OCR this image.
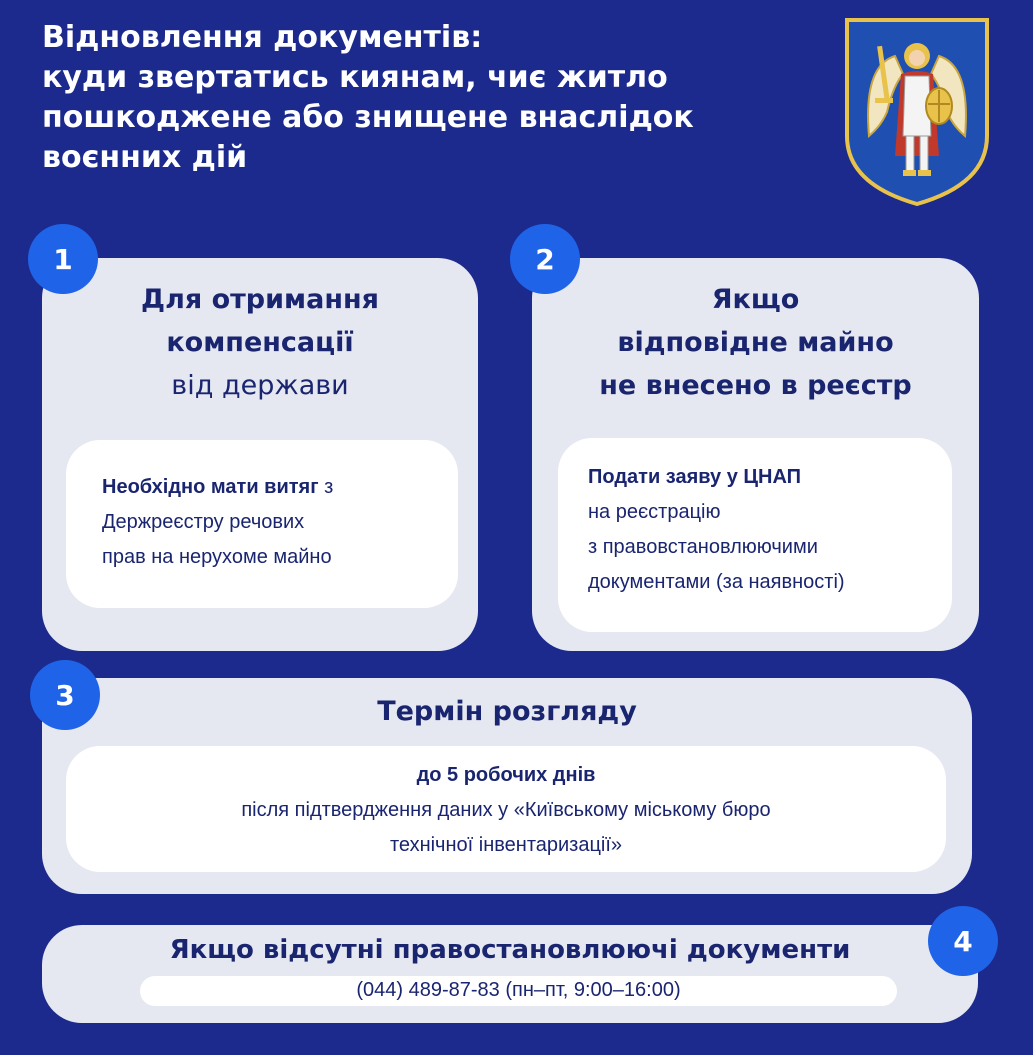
Відновлення документів:
куди звертатись киянам, чиє житло
пошкоджене або знищене внаслідок
воєнних дій
Для отримання
компенсації
від держави
Необхідно мати витяг з
Держреєстру речових
прав на нерухоме майно
1
Якщо
відповідне майно
не внесено в реєстр
Подати заяву у ЦНАП
на реєстрацію
з правовстановлюючими
документами (за наявності)
2
Термін розгляду
до 5 робочих днів
після підтвердження даних у «Київському міському бюро
технічної інвентаризації»
3
Якщо відсутні правостановлюючі документи
(044) 489-87-83 (пн–пт, 9:00–16:00)
4
